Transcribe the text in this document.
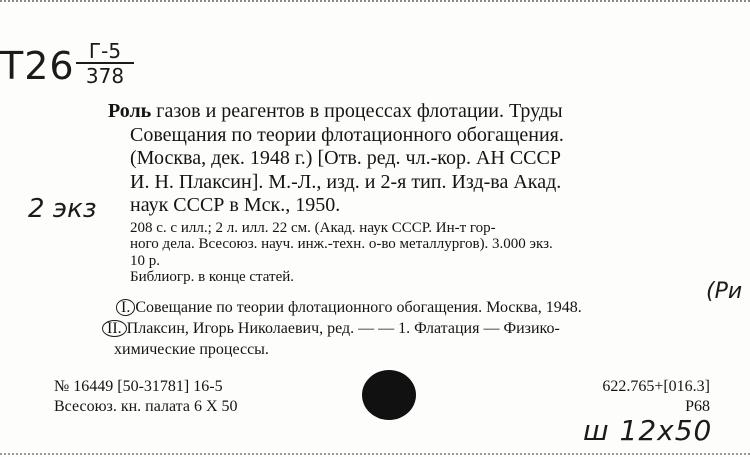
T26 Г-5
378
2 экз
(Ри
ш 12х50
Роль газов и реагентов в процессах флотации. Труды
Совещания по теории флотационного обогащения.
(Москва, дек. 1948 г.) [Отв. ред. чл.-кор. АН СССР
И. Н. Плаксин]. М.-Л., изд. и 2-я тип. Изд-ва Акад.
наук СССР в Мск., 1950.
208 с. с илл.; 2 л. илл. 22 см. (Акад. наук СССР. Ин-т гор-
ного дела. Всесоюз. науч. инж.-техн. о-во металлургов). 3.000 экз.
10 р.
Библиогр. в конце статей.
I. Совещание по теории флотационного обогащения. Москва, 1948.
II. Плаксин, Игорь Николаевич, ред. — — 1. Флатация — Физико-
химические процессы.
№ 16449 [50-31781] 16-5
Всесоюз. кн. палата 6 X 50
622.765+[016.3]
Р68
